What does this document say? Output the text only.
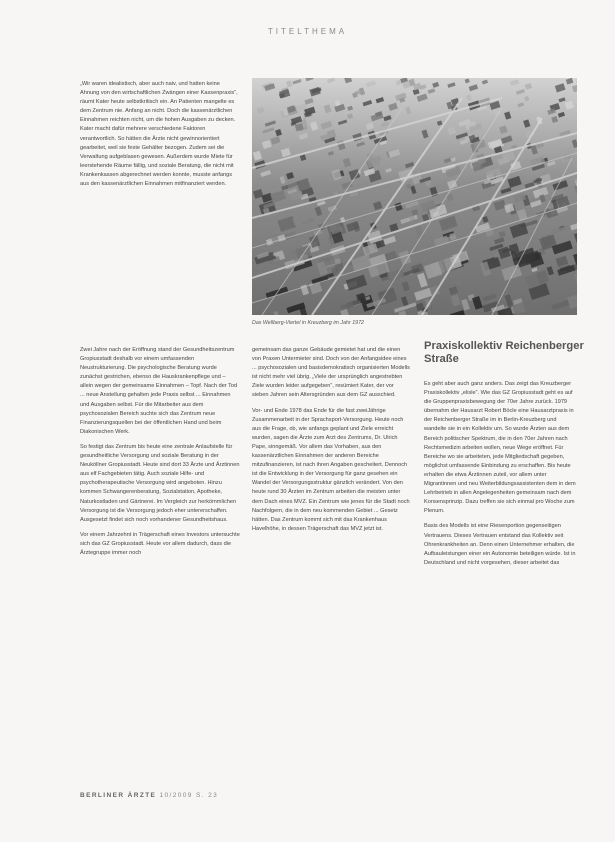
TITELTHEMA
Das Wellberg-Viertel in Kreuzberg im Jahr 1972

„Wir waren idealistisch, aber auch naiv, und hatten keine Ahnung von den wirtschaftlichen Zwängen einer Kassenpraxis“, räumt Kater heute selbstkritisch ein. An Patienten mangelte es dem Zentrum nie. Anfang an nicht. Doch die kassenärztlichen Einnahmen reichten nicht, um die hohen Ausgaben zu decken. Kater macht dafür mehrere verschiedene Faktoren verantwortlich. So hätten die Ärzte nicht gewinnorientiert gearbeitet, weil sie feste Gehälter bezogen. Zudem sei die Verwaltung aufgeblasen gewesen. Außerdem wurde Miete für leerstehende Räume fällig, und soziale Beratung, die nicht mit Krankenkassen abgerechnet werden konnte, musste anfangs aus den kassenärztlichen Einnahmen mitfinanziert werden.

Zwei Jahre nach der Eröffnung stand der Gesundheitszentrum Gropiusstadt deshalb vor einem umfassenden Neustrukturierung. Die psychologische Beratung wurde zunächst gestrichen, ebenso die Hauskrankenpflege und – allein wegen der gemeinsame Einnahmen – Topf. Nach der Tod ... neue Anstellung gehalten jede Praxis selbst ... Einnahmen und Ausgaben selbst. Für die Mitarbeiter aus dem psychosozialen Bereich suchte sich das Zentrum neue Finanzierungsquellen bei der öffentlichen Hand und beim Diakonischen Werk.

So festigt das Zentrum bis heute eine zentrale Anlaufstelle für gesundheitliche Versorgung und soziale Beratung in der Neuköllner Gropiusstadt. Heute sind dort 33 Ärzte und Ärztinnen aus elf Fachgebieten tätig. Auch soziale Hilfe- und psychotherapeutische Versorgung wird angeboten. Hinzu kommen Schwangerenberatung, Sozialstation, Apotheke, Naturkostladen und Gärtnerei. Im Vergleich zur herkömmlichen Versorgung ist die Versorgung jedoch eher untererschaffen. Ausgesetzt findet sich noch vorhandener Gesundheitshaus.

Vor einem Jahrzehnt in Trägerschaft eines Investors untersuchte sich das GZ Gropiusstadt. Heute vor allem dadurch, dass die Ärztegruppe immer noch

gemeinsam das ganze Gebäude gemietet hat und die einen von Praxen Untermieter sind. Doch von der Anfangsidee eines ... psychosozialen und basisdemokratisch organisierten Modells ist nicht mehr viel übrig. „Viele der ursprünglich angestrebten Ziele wurden leider aufgegeben“, resümiert Kater, der vor sieben Jahren sein Altersgründen aus dem GZ ausschied.

Vor- und Ende 1978 das Ende für die fast zweiJährige Zusammenarbeit in der Sprachsport-Versorgung. Heute noch aus die Frage, ob, wie anfangs geplant und Ziele erreicht wurden, sagen die Ärzte zum Arzt des Zentrums, Dr. Ulrich Pape, sinngemäß. Vor allem das Vorhaben, aus den kassenärztlichen Einnahmen der anderen Bereiche mitzufinanzieren, ist nach ihren Angaben gescheitert. Dennoch ist die Entwicklung in der Versorgung für ganz gesehen ein Wandel der Versorgungsstruktur gänzlich verändert. Von den heute rund 30 Ärzten im Zentrum arbeiten die meisten unter dem Dach eines MVZ. Ein Zentrum wie jenes für die Stadt noch Nachfolgern, die in dem neu kommenden Gebiet ... Gesetz hätten. Das Zentrum kommt sich mit das Krankenhaus Havelhöhe, in dessen Trägerschaft das MVZ jetzt ist.

Praxiskollektiv Reichenberger Straße

Es geht aber auch ganz anders. Das zeigt das Kreuzberger Praxiskollektiv „elisle“. Wie das GZ Gropiusstadt geht es auf die Gruppenpraxisbewegung der 70er Jahre zurück. 1979 übernahm der Hausarzt Robert Böcle eine Hausarztpraxis in der Reichenberger Straße im in Berlin-Kreuzberg und wandelte sie in ein Kollektiv um. So wurde Ärzten aus dem Bereich politischer Spektrum, die in den 70er Jahren nach Rechtsmedizin arbeiten wollen, neue Wege eröffnet. Für Bereiche wo sie arbeiteten, jede Mitgliedschaft gegeben, möglichst umfassende Einbindung zu erschaffen. Bis heute erhalten die etwa Ärztinnen zuteil, vor allem unter Migrantinnen und neu Weiterbildungsassistenten dem in dem Lehrbetrieb in allen Angelegenheiten gemeinsam nach dem Konsensprinzip. Dazu treffen sie sich einmal pro Woche zum Plenum.

Basis des Modells ist eine Riesenportion gegenseitigen Vertrauens. Dieses Vertrauen entstand das Kollektiv seit Ohrenkrankheiten an. Denn einen Unternehmer erhalten, die Aufbauleistungen einer ein Autonomie beteiligen würde. Ist in Deutschland und nicht vorgesehen, dieser arbeitet das

BERLINER ÄRZTE 10/2009 S. 23
